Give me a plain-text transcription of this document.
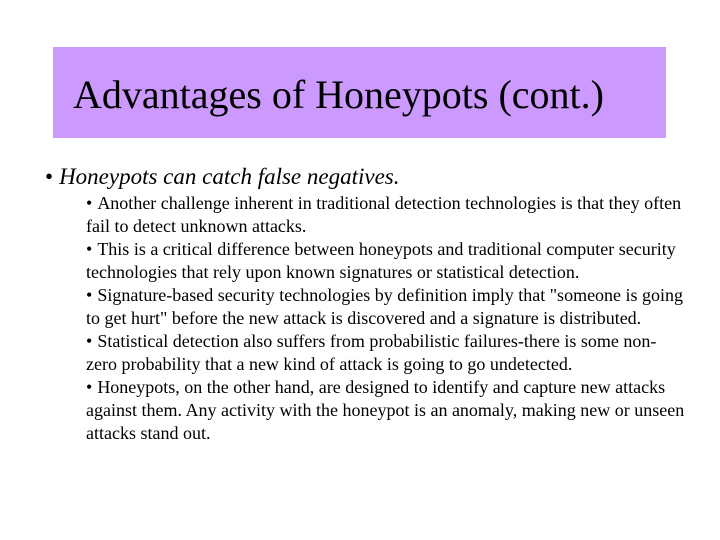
Advantages of Honeypots (cont.)
• Honeypots can catch false negatives.

• Another challenge inherent in traditional detection technologies is that they often fail to detect unknown attacks.

• This is a critical difference between honeypots and traditional computer security technologies that rely upon known signatures or statistical detection.

• Signature-based security technologies by definition imply that "someone is going to get hurt" before the new attack is discovered and a signature is distributed.

• Statistical detection also suffers from probabilistic failures-there is some non-zero probability that a new kind of attack is going to go undetected.

• Honeypots, on the other hand, are designed to identify and capture new attacks against them. Any activity with the honeypot is an anomaly, making new or unseen attacks stand out.
